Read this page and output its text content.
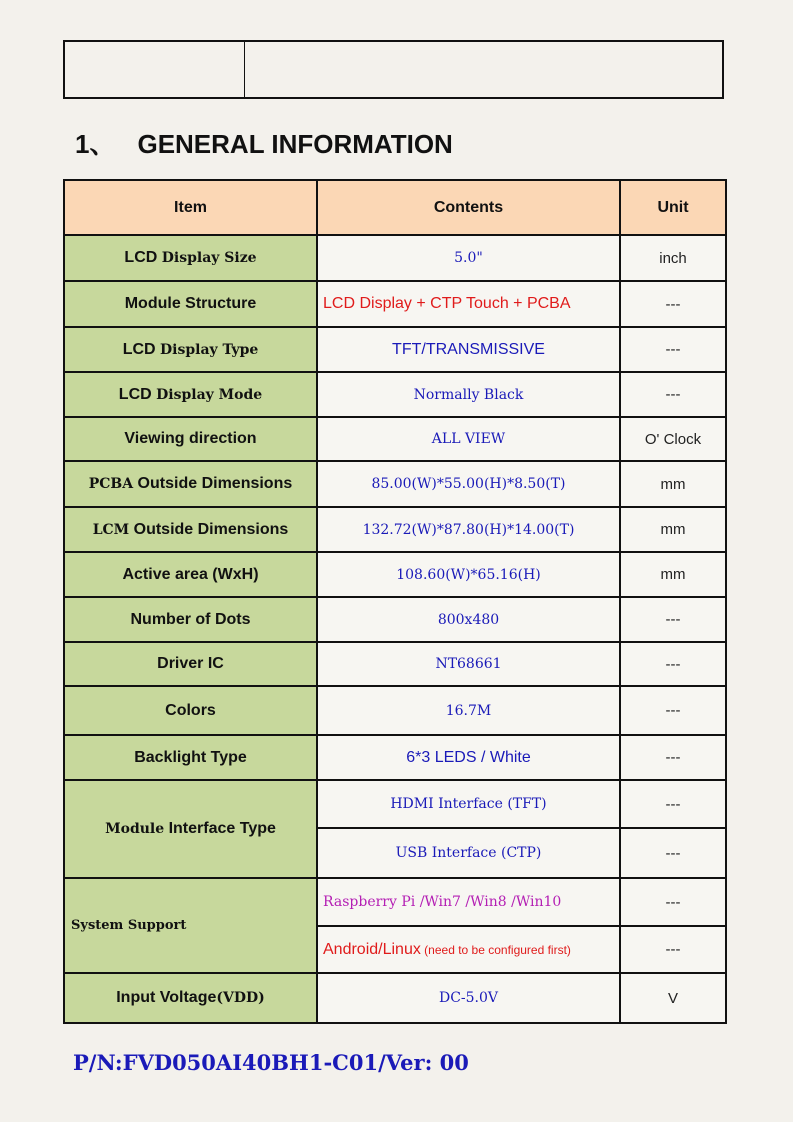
1、 GENERAL INFORMATION
Item	Contents	Unit
LCD Display Size	5.0"	inch
Module Structure	LCD Display + CTP Touch + PCBA	---
LCD Display Type	TFT/TRANSMISSIVE	---
LCD Display Mode	Normally Black	---
Viewing direction	ALL VIEW	O' Clock
PCBA Outside Dimensions	85.00(W)*55.00(H)*8.50(T)	mm
LCM Outside Dimensions	132.72(W)*87.80(H)*14.00(T)	mm
Active area (WxH)	108.60(W)*65.16(H)	mm
Number of Dots	800x480	---
Driver IC	NT68661	---
Colors	16.7M	---
Backlight Type	6*3 LEDS / White	---
Module Interface Type	HDMI Interface (TFT)	---
	USB Interface (CTP)	---
System Support	Raspberry Pi /Win7 /Win8 /Win10	---
	Android/Linux (need to be configured first)	---
Input Voltage(VDD)	DC-5.0V	V
P/N:FVD050AI40BH1-C01/Ver: 00
